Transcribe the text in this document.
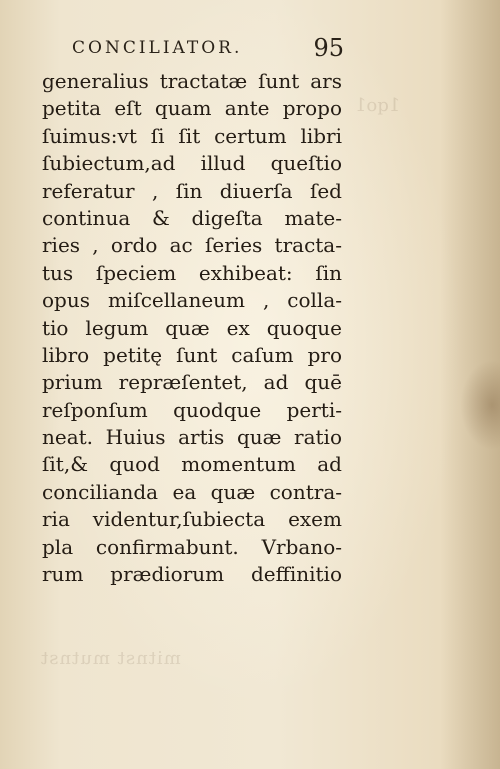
1qo1
mitnst mutnst
CONCILIATOR.	95
generalius tractatæ ſunt ars
petita eſt quam ante propo
ſuimus:vt ſi ſit certum libri
ſubiectum,ad illud queſtio
referatur , ſin diuerſa ſed
continua & digeſta mate-
ries , ordo ac ſeries tracta-
tus ſpeciem exhibeat: ſin
opus miſcellaneum , colla-
tio legum quæ ex quoque
libro petitę ſunt caſum pro
prium repræſentet, ad quē
reſponſum quodque perti-
neat. Huius artis quæ ratio
ſit,& quod momentum ad
concilianda ea quæ contra-
ria videntur,ſubiecta exem
pla confirmabunt. Vrbano-
rum prædiorum deffinitio
